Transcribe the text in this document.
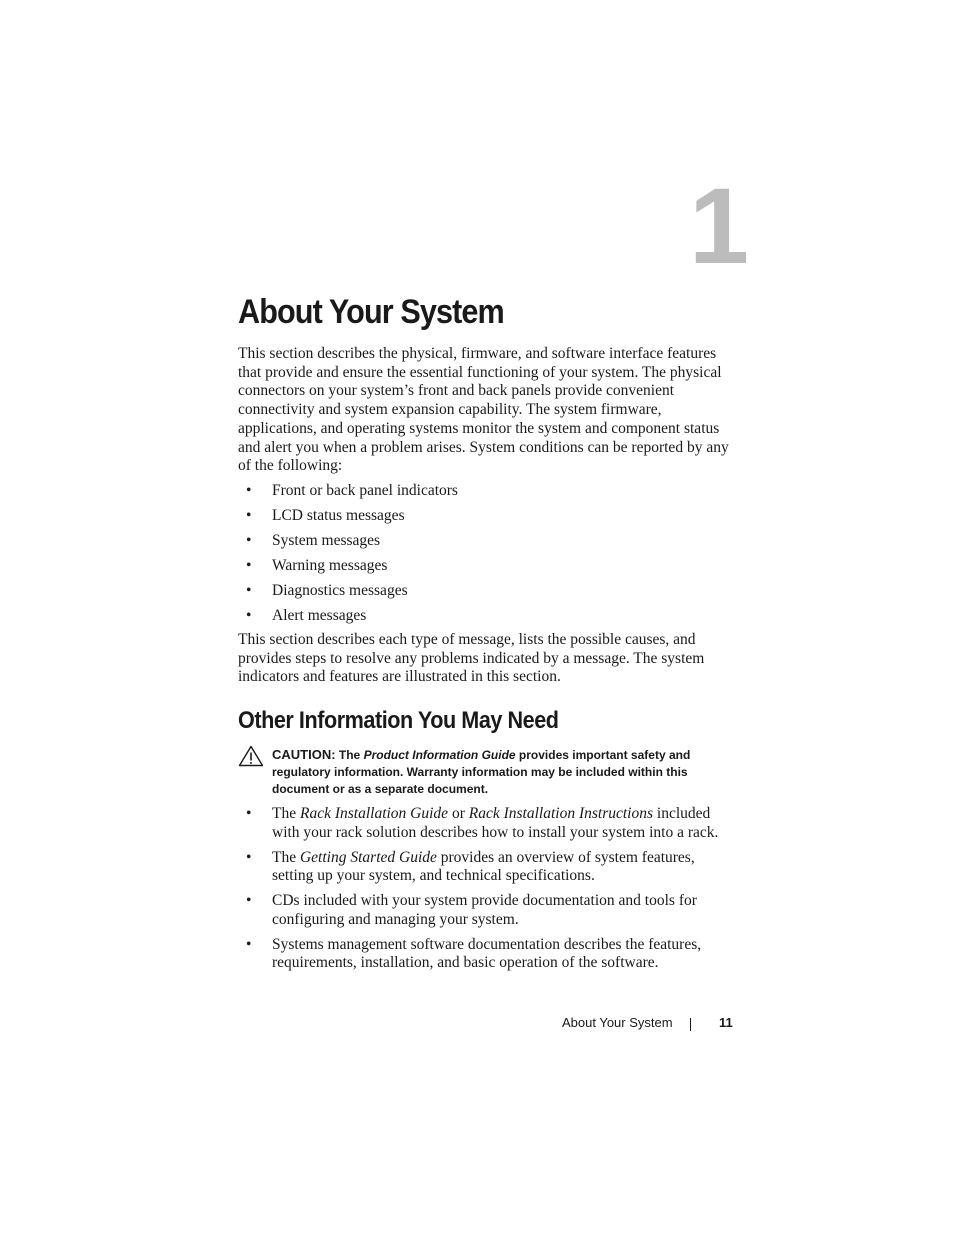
1
About Your System

This section describes the physical, firmware, and software interface features that provide and ensure the essential functioning of your system. The physical connectors on your system’s front and back panels provide convenient connectivity and system expansion capability. The system firmware, applications, and operating systems monitor the system and component status and alert you when a problem arises. System conditions can be reported by any of the following:

• Front or back panel indicators
• LCD status messages
• System messages
• Warning messages
• Diagnostics messages
• Alert messages

This section describes each type of message, lists the possible causes, and provides steps to resolve any problems indicated by a message. The system indicators and features are illustrated in this section.

Other Information You May Need
CAUTION: The Product Information Guide provides important safety and regulatory information. Warranty information may be included within this document or as a separate document.
• The Rack Installation Guide or Rack Installation Instructions included with your rack solution describes how to install your system into a rack.
• The Getting Started Guide provides an overview of system features, setting up your system, and technical specifications.
• CDs included with your system provide documentation and tools for configuring and managing your system.
• Systems management software documentation describes the features, requirements, installation, and basic operation of the software.
About Your System	11
